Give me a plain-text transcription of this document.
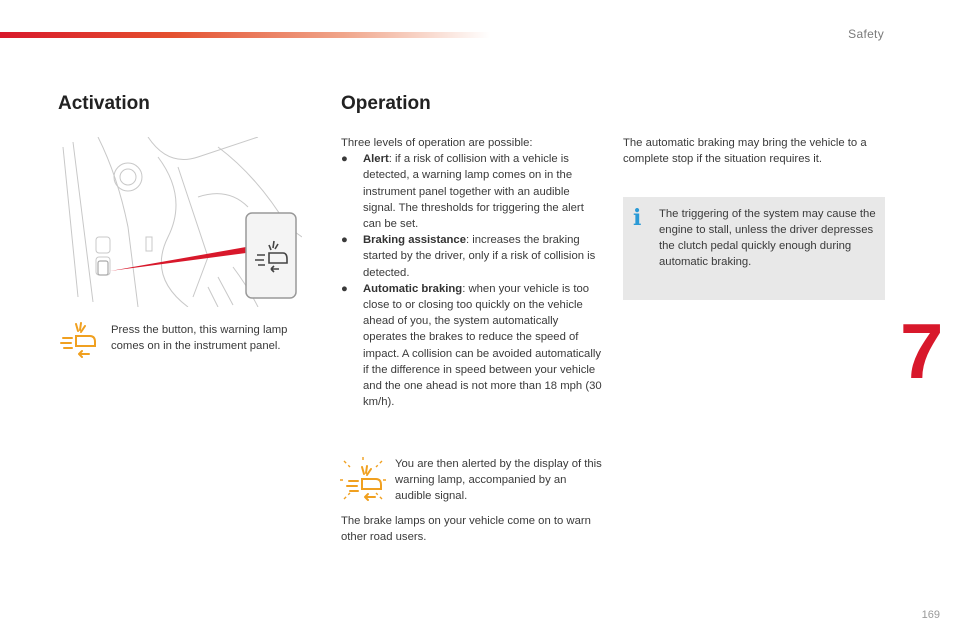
Safety
Activation	Operation
Press the button, this warning lamp comes on in the instrument panel.

Three levels of operation are possible:

● Alert: if a risk of collision with a vehicle is detected, a warning lamp comes on in the instrument panel together with an audible signal. The thresholds for triggering the alert can be set.
● Braking assistance: increases the braking started by the driver, only if a risk of collision is detected.
● Automatic braking: when your vehicle is too close to or closing too quickly on the vehicle ahead of you, the system automatically operates the brakes to reduce the speed of impact. A collision can be avoided automatically if the difference in speed between your vehicle and the one ahead is not more than 18 mph (30 km/h).
You are then alerted by the display of this warning lamp, accompanied by an audible signal.
The brake lamps on your vehicle come on to warn other road users.
The automatic braking may bring the vehicle to a complete stop if the situation requires it.
i	The triggering of the system may cause the engine to stall, unless the driver depresses the clutch pedal quickly enough during automatic braking.
7
169
